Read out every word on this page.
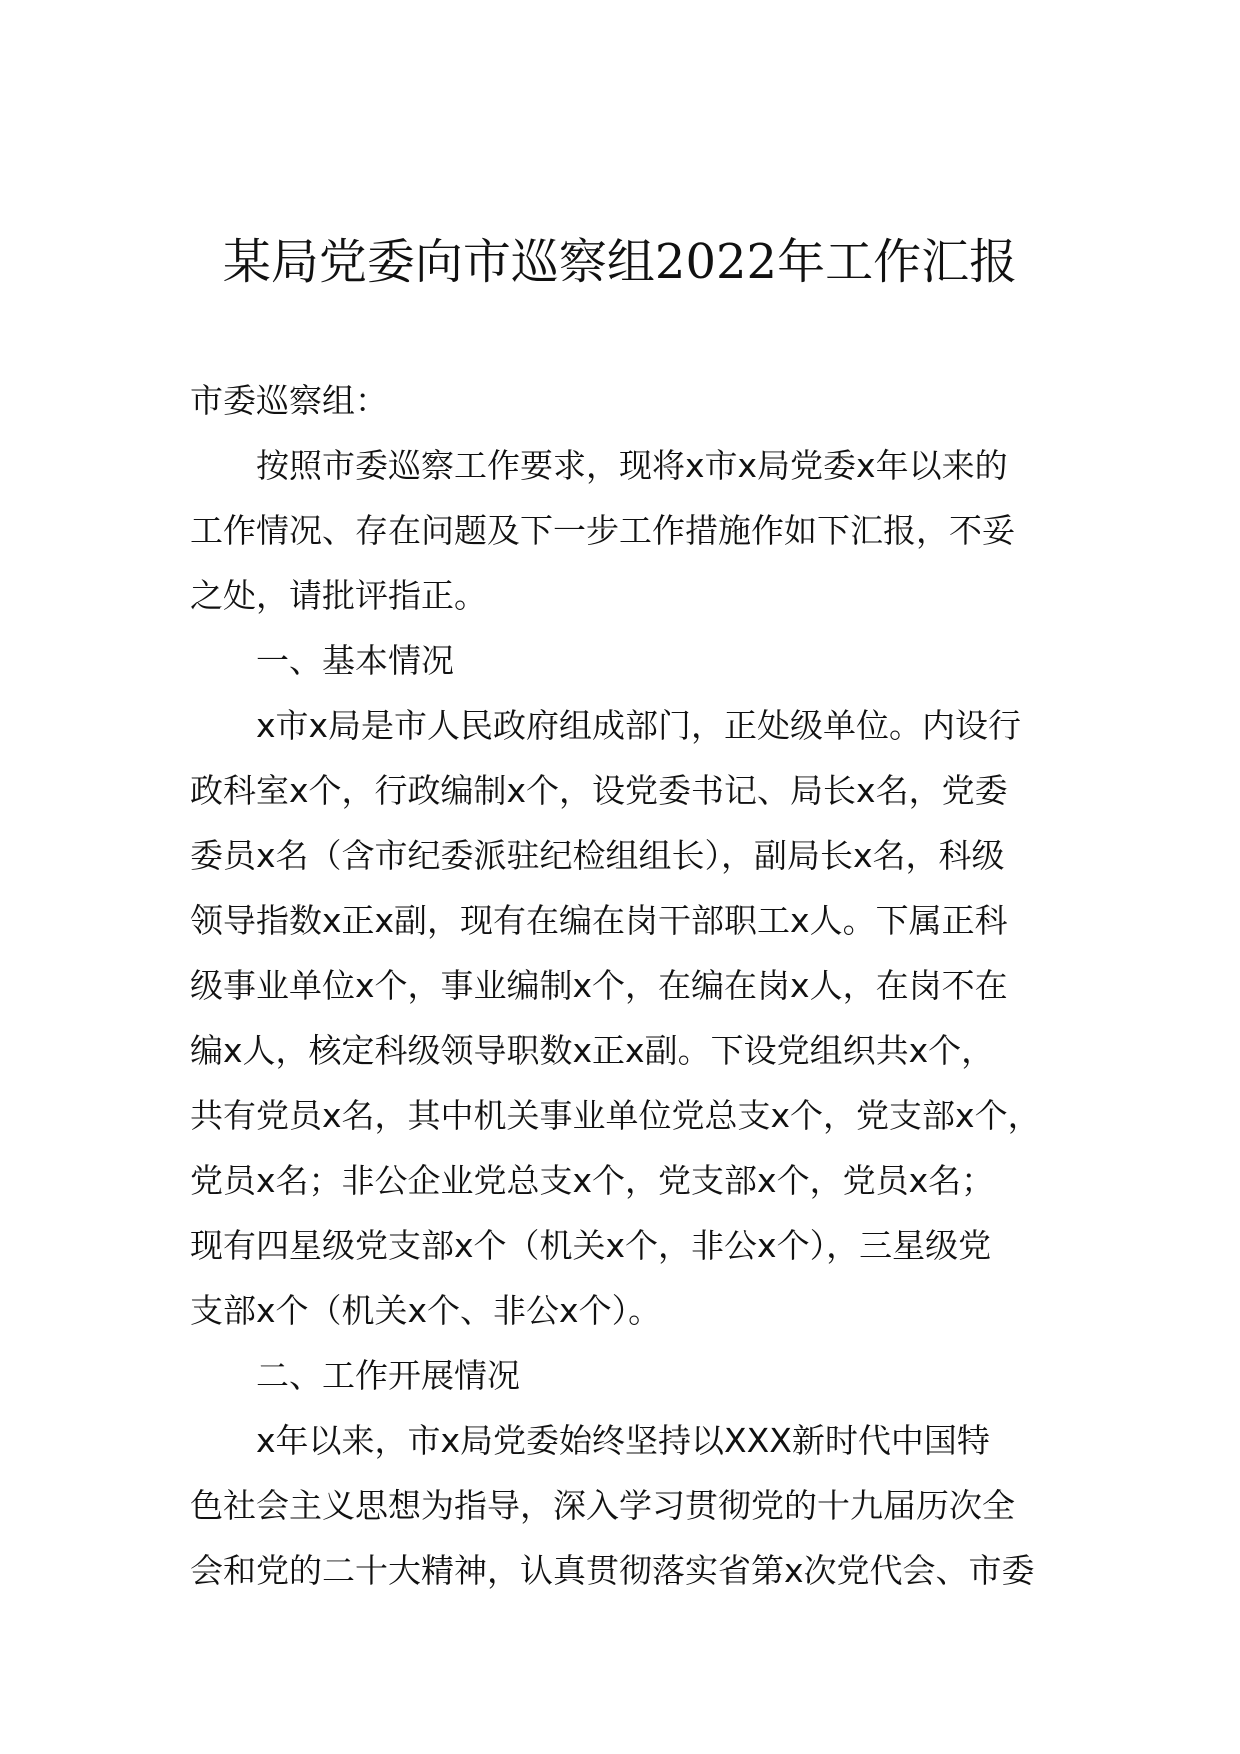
某局党委向市巡察组2022年工作汇报
市委巡察组：
按照市委巡察工作要求，现将x市x局党委x年以来的
工作情况、存在问题及下一步工作措施作如下汇报，不妥
之处，请批评指正。
一、基本情况
x市x局是市人民政府组成部门，正处级单位。内设行
政科室x个，行政编制x个，设党委书记、局长x名，党委
委员x名（含市纪委派驻纪检组组长），副局长x名，科级
领导指数x正x副，现有在编在岗干部职工x人。下属正科
级事业单位x个，事业编制x个，在编在岗x人，在岗不在
编x人，核定科级领导职数x正x副。下设党组织共x个，
共有党员x名，其中机关事业单位党总支x个，党支部x个，
党员x名；非公企业党总支x个，党支部x个，党员x名；
现有四星级党支部x个（机关x个，非公x个），三星级党
支部x个（机关x个、非公x个）。
二、工作开展情况
x年以来，市x局党委始终坚持以XXX新时代中国特
色社会主义思想为指导，深入学习贯彻党的十九届历次全
会和党的二十大精神，认真贯彻落实省第x次党代会、市委
